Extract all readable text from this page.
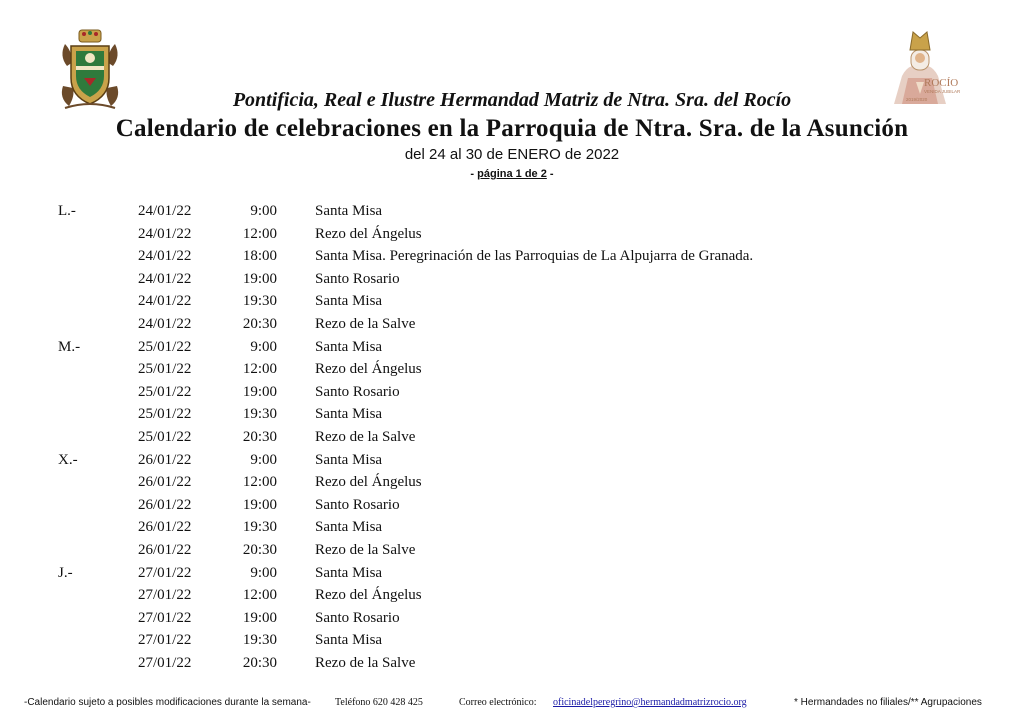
ROCÍO
VENIDA JUBILAR
2019/2020
Pontificia, Real e Ilustre Hermandad Matriz de Ntra. Sra. del Rocío
Calendario de celebraciones en la Parroquia de Ntra. Sra. de la Asunción
del 24 al 30 de ENERO de 2022
- página 1 de 2 -
L.-	24/01/22	9:00	Santa Misa
24/01/22	12:00	Rezo del Ángelus
24/01/22	18:00	Santa Misa. Peregrinación de las Parroquias de La Alpujarra de Granada.
24/01/22	19:00	Santo Rosario
24/01/22	19:30	Santa Misa
24/01/22	20:30	Rezo de la Salve
M.-	25/01/22	9:00	Santa Misa
25/01/22	12:00	Rezo del Ángelus
25/01/22	19:00	Santo Rosario
25/01/22	19:30	Santa Misa
25/01/22	20:30	Rezo de la Salve
X.-	26/01/22	9:00	Santa Misa
26/01/22	12:00	Rezo del Ángelus
26/01/22	19:00	Santo Rosario
26/01/22	19:30	Santa Misa
26/01/22	20:30	Rezo de la Salve
J.-	27/01/22	9:00	Santa Misa
27/01/22	12:00	Rezo del Ángelus
27/01/22	19:00	Santo Rosario
27/01/22	19:30	Santa Misa
27/01/22	20:30	Rezo de la Salve
-Calendario sujeto a posibles modificaciones durante la semana- Teléfono 620 428 425	Correo electrónico: oficinadelperegrino@hermandadmatrizrocio.org	* Hermandades no filiales/** Agrupaciones
